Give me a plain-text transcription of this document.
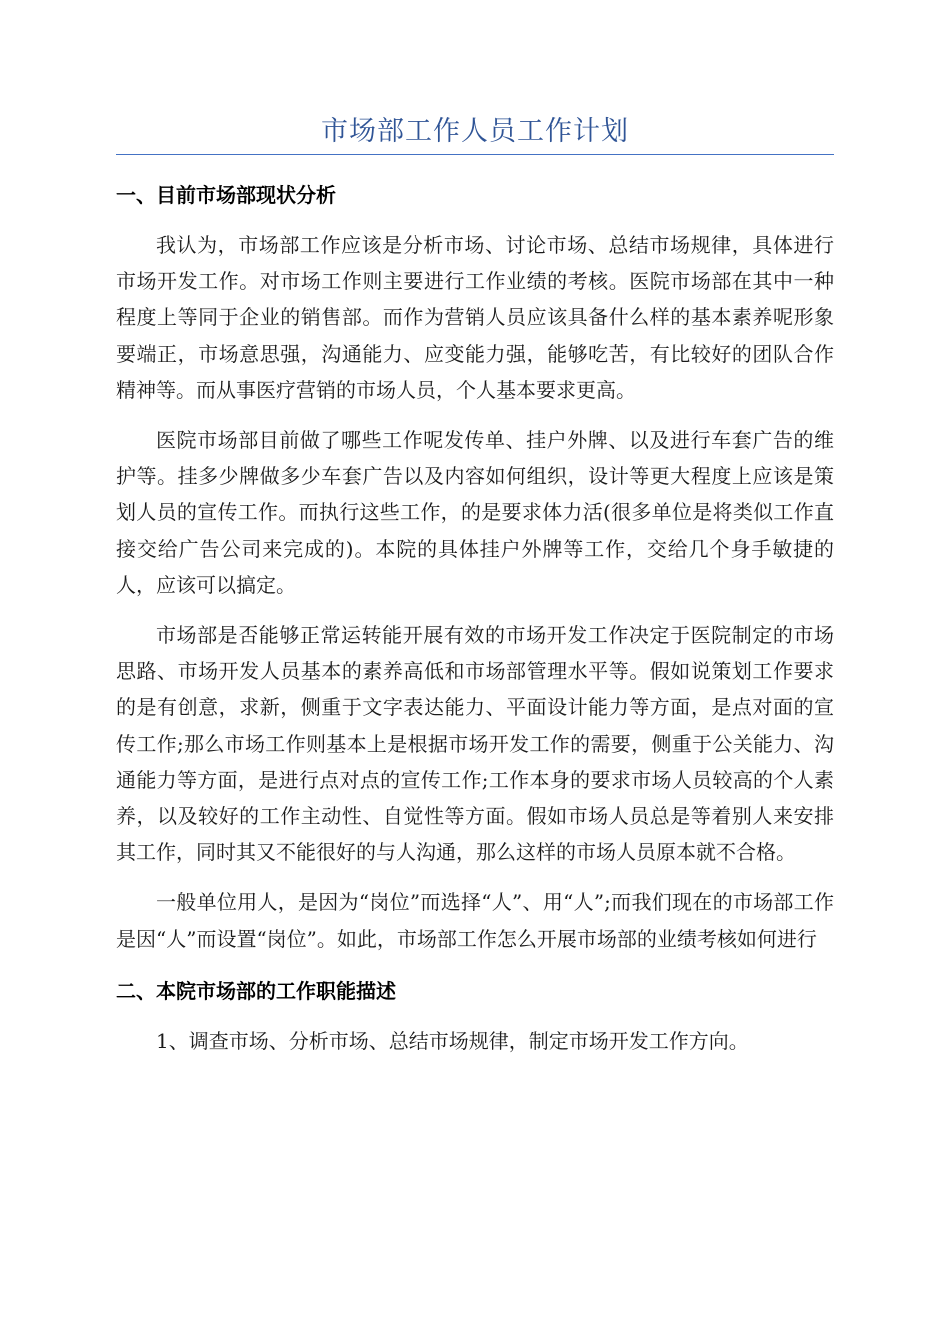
市场部工作人员工作计划
一、目前市场部现状分析

我认为，市场部工作应该是分析市场、讨论市场、总结市场规律，具体进行市场开发工作。对市场工作则主要进行工作业绩的考核。医院市场部在其中一种程度上等同于企业的销售部。而作为营销人员应该具备什么样的基本素养呢形象要端正，市场意思强，沟通能力、应变能力强，能够吃苦，有比较好的团队合作精神等。而从事医疗营销的市场人员，个人基本要求更高。

医院市场部目前做了哪些工作呢发传单、挂户外牌、以及进行车套广告的维护等。挂多少牌做多少车套广告以及内容如何组织，设计等更大程度上应该是策划人员的宣传工作。而执行这些工作，的是要求体力活(很多单位是将类似工作直接交给广告公司来完成的)。本院的具体挂户外牌等工作，交给几个身手敏捷的人，应该可以搞定。

市场部是否能够正常运转能开展有效的市场开发工作决定于医院制定的市场思路、市场开发人员基本的素养高低和市场部管理水平等。假如说策划工作要求的是有创意，求新，侧重于文字表达能力、平面设计能力等方面，是点对面的宣传工作;那么市场工作则基本上是根据市场开发工作的需要，侧重于公关能力、沟通能力等方面，是进行点对点的宣传工作;工作本身的要求市场人员较高的个人素养，以及较好的工作主动性、自觉性等方面。假如市场人员总是等着别人来安排其工作，同时其又不能很好的与人沟通，那么这样的市场人员原本就不合格。

一般单位用人，是因为“岗位”而选择“人”、用“人”;而我们现在的市场部工作是因“人”而设置“岗位”。如此，市场部工作怎么开展市场部的业绩考核如何进行

二、本院市场部的工作职能描述

1、调查市场、分析市场、总结市场规律，制定市场开发工作方向。
